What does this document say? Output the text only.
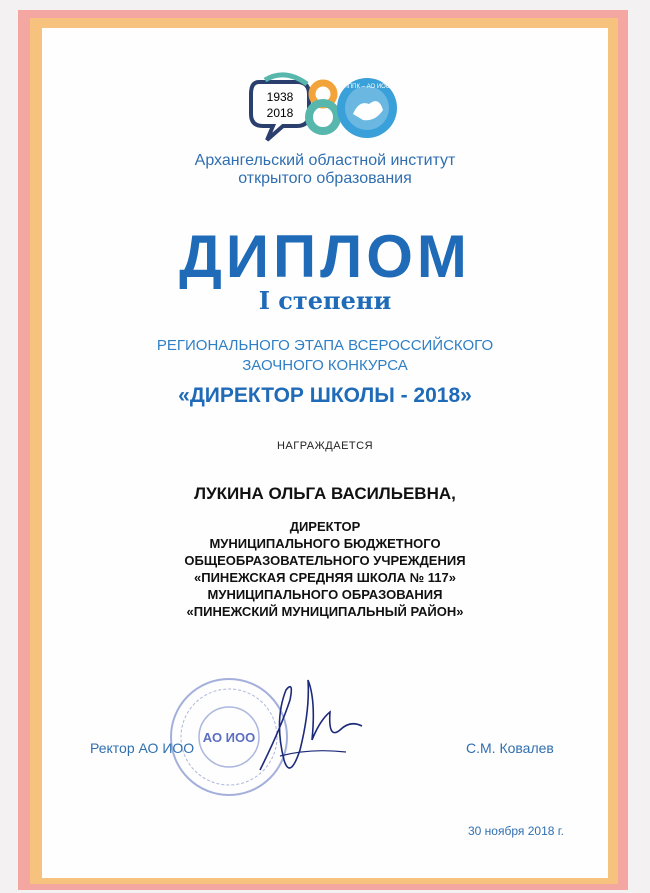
1938
2018
ИППК – АО ИОО
Архангельский областной институт
открытого образования
ДИПЛОМ
I степени
РЕГИОНАЛЬНОГО ЭТАПА ВСЕРОССИЙСКОГО
ЗАОЧНОГО КОНКУРСА
«ДИРЕКТОР ШКОЛЫ - 2018»
НАГРАЖДАЕТСЯ
ЛУКИНА ОЛЬГА ВАСИЛЬЕВНА,
ДИРЕКТОР
МУНИЦИПАЛЬНОГО БЮДЖЕТНОГО
ОБЩЕОБРАЗОВАТЕЛЬНОГО УЧРЕЖДЕНИЯ
«ПИНЕЖСКАЯ СРЕДНЯЯ ШКОЛА № 117»
МУНИЦИПАЛЬНОГО ОБРАЗОВАНИЯ
«ПИНЕЖСКИЙ МУНИЦИПАЛЬНЫЙ РАЙОН»
АО ИОО
Ректор АО ИОО	С.М. Ковалев
30 ноября 2018 г.
